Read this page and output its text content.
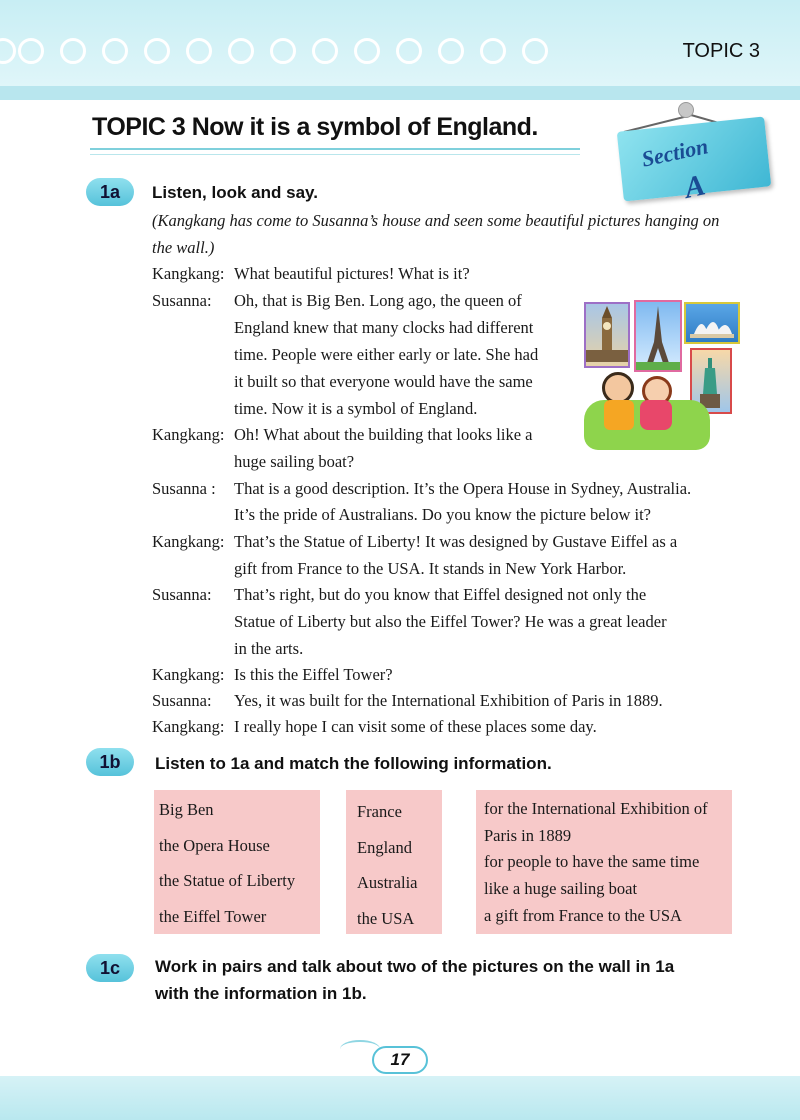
TOPIC 3
TOPIC 3 Now it is a symbol of England.
Section
A
1a	Listen, look and say.
(Kangkang has come to Susanna’s house and seen some beautiful pictures hanging on the wall.)
Kangkang: What beautiful pictures! What is it?
Susanna: Oh, that is Big Ben. Long ago, the queen of
England knew that many clocks had different
time. People were either early or late. She had
it built so that everyone would have the same
time. Now it is a symbol of England.
Kangkang: Oh! What about the building that looks like a
huge sailing boat?
Susanna : That is a good description. It’s the Opera House in Sydney, Australia.
It’s the pride of Australians. Do you know the picture below it?
Kangkang: That’s the Statue of Liberty! It was designed by Gustave Eiffel as a
gift from France to the USA. It stands in New York Harbor.
Susanna: That’s right, but do you know that Eiffel designed not only the
Statue of Liberty but also the Eiffel Tower? He was a great leader
in the arts.
Kangkang: Is this the Eiffel Tower?
Susanna: Yes, it was built for the International Exhibition of Paris in 1889.
Kangkang: I really hope I can visit some of these places some day.
1b	Listen to 1a and match the following information.
Big Ben
the Opera House
the Statue of Liberty
the Eiffel Tower
France
England
Australia
the USA
for the International Exhibition of
Paris in 1889
for people to have the same time
like a huge sailing boat
a gift from France to the USA
1c	Work in pairs and talk about two of the pictures on the wall in 1a
with the information in 1b.
17
